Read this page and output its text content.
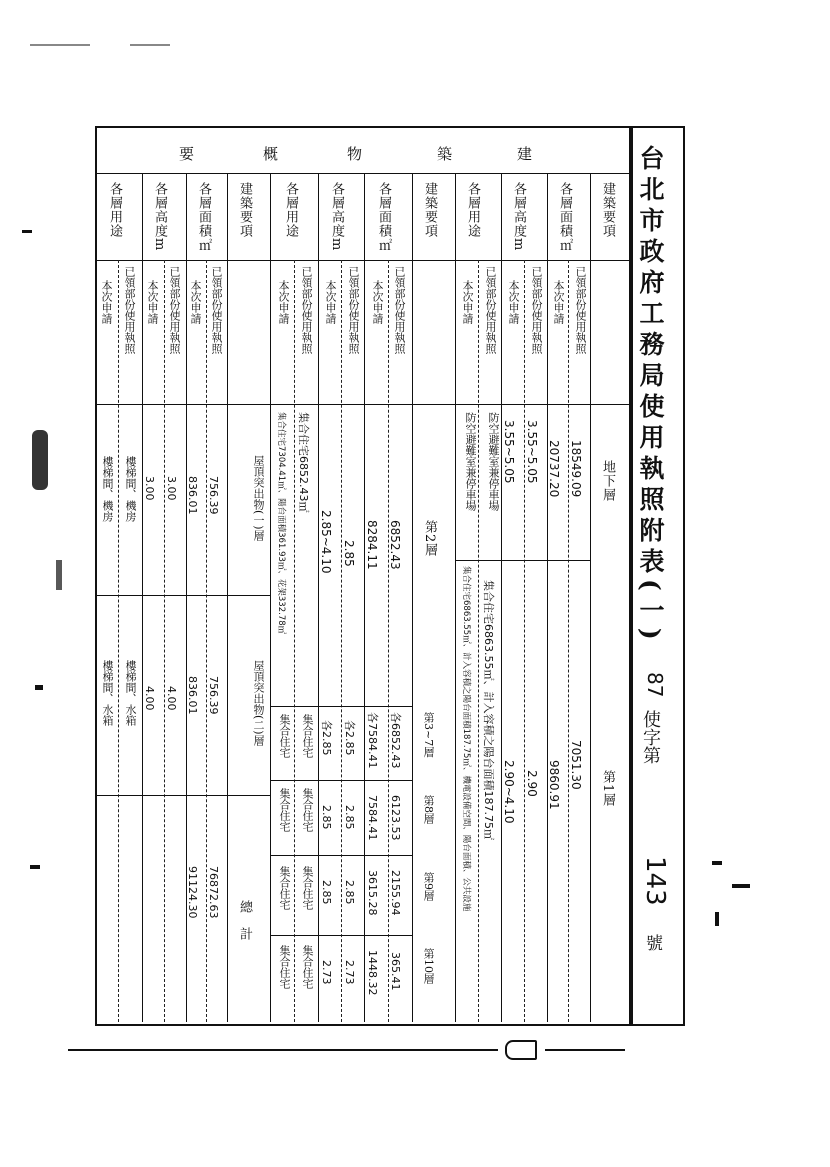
台北市政府工務局使用執照附表(一)
87
使字第
143
號
建
築
物
概
要
建築要項
各層面積㎡
各層高度m
各層用途
已領部份使用執照
本次申請
已領部份使用執照
本次申請
已領部份使用執照
本次申請
地下層
18549.09
20737.20
3.55~5.05
3.55~5.05
防空避難室兼停車場
防空避難室兼停車場
第1層
7051.30
9860.91
2.90
2.90~4.10
集合住宅6863.55㎡、計入容積之陽台面積187.75㎡
集合住宅6863.55㎡、計入容積之陽台面積187.75㎡、機電設備空間、陽台面積、公共設施
建築要項
各層面積㎡
各層高度m
各層用途
已領部份使用執照
本次申請
已領部份使用執照
本次申請
已領部份使用執照
本次申請
第2層
6852.43
8284.11
2.85
2.85~4.10
集合住宅6852.43㎡
集合住宅7304.41㎡、陽台面積361.93㎡、花架332.78㎡
第3~7層
各6852.43
各7584.41
各2.85
各2.85
集合住宅
集合住宅
第8層
6123.53
7584.41
2.85
2.85
集合住宅
集合住宅
第9層
2155.94
3615.28
2.85
2.85
集合住宅
集合住宅
第10層
365.41
1448.32
2.73
2.73
集合住宅
集合住宅
建築要項
各層面積㎡
各層高度m
各層用途
已領部份使用執照
本次申請
已領部份使用執照
本次申請
已領部份使用執照
本次申請
屋頂突出物(一)層
756.39
836.01
3.00
3.00
樓梯間、機房
樓梯間、機房
屋頂突出物(二)層
756.39
836.01
4.00
4.00
樓梯間、水箱
樓梯間、水箱
總計
76872.63
91124.30
